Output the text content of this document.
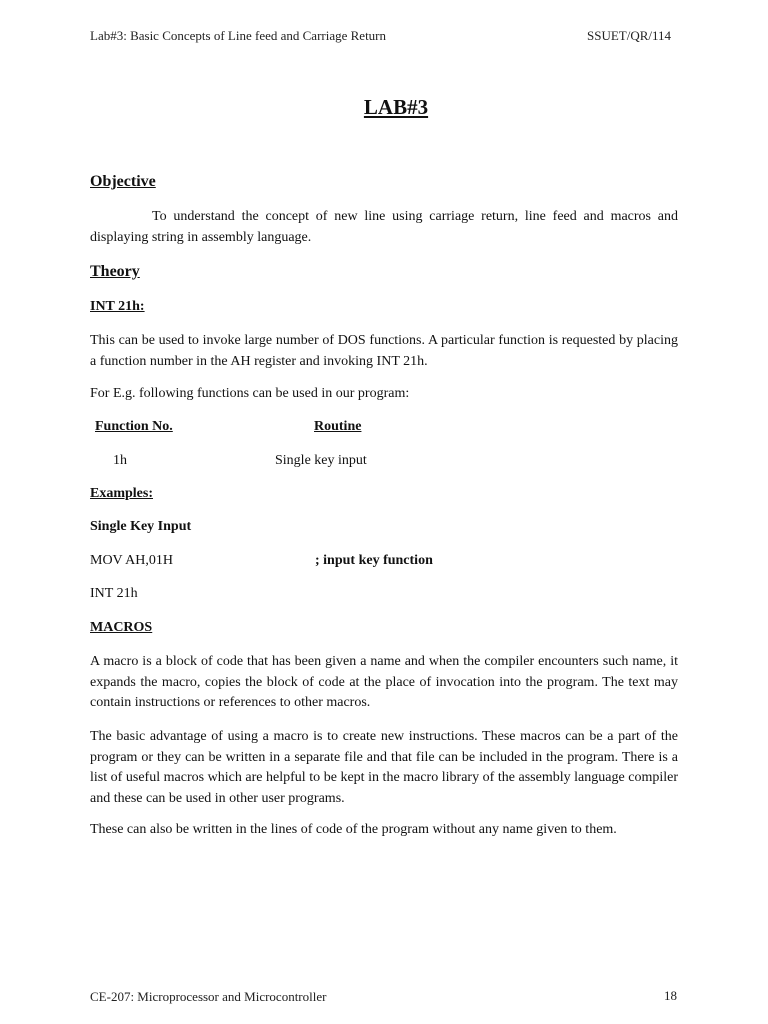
Lab#3: Basic Concepts of Line feed and Carriage Return	SSUET/QR/114
LAB#3
Objective
To understand the concept of new line using carriage return, line feed and macros and displaying string in assembly language.
Theory
INT 21h:
This can be used to invoke large number of DOS functions. A particular function is requested by placing a function number in the AH register and invoking INT 21h.
For E.g. following functions can be used in our program:
Function No.	Routine
1h	Single key input
Examples:
Single Key Input
MOV AH,01H	; input key function
INT 21h
MACROS
A macro is a block of code that has been given a name and when the compiler encounters such name, it expands the macro, copies the block of code at the place of invocation into the program. The text may contain instructions or references to other macros.
The basic advantage of using a macro is to create new instructions. These macros can be a part of the program or they can be written in a separate file and that file can be included in the program. There is a list of useful macros which are helpful to be kept in the macro library of the assembly language compiler and these can be used in other user programs.
These can also be written in the lines of code of the program without any name given to them.
CE-207: Microprocessor and Microcontroller	18
